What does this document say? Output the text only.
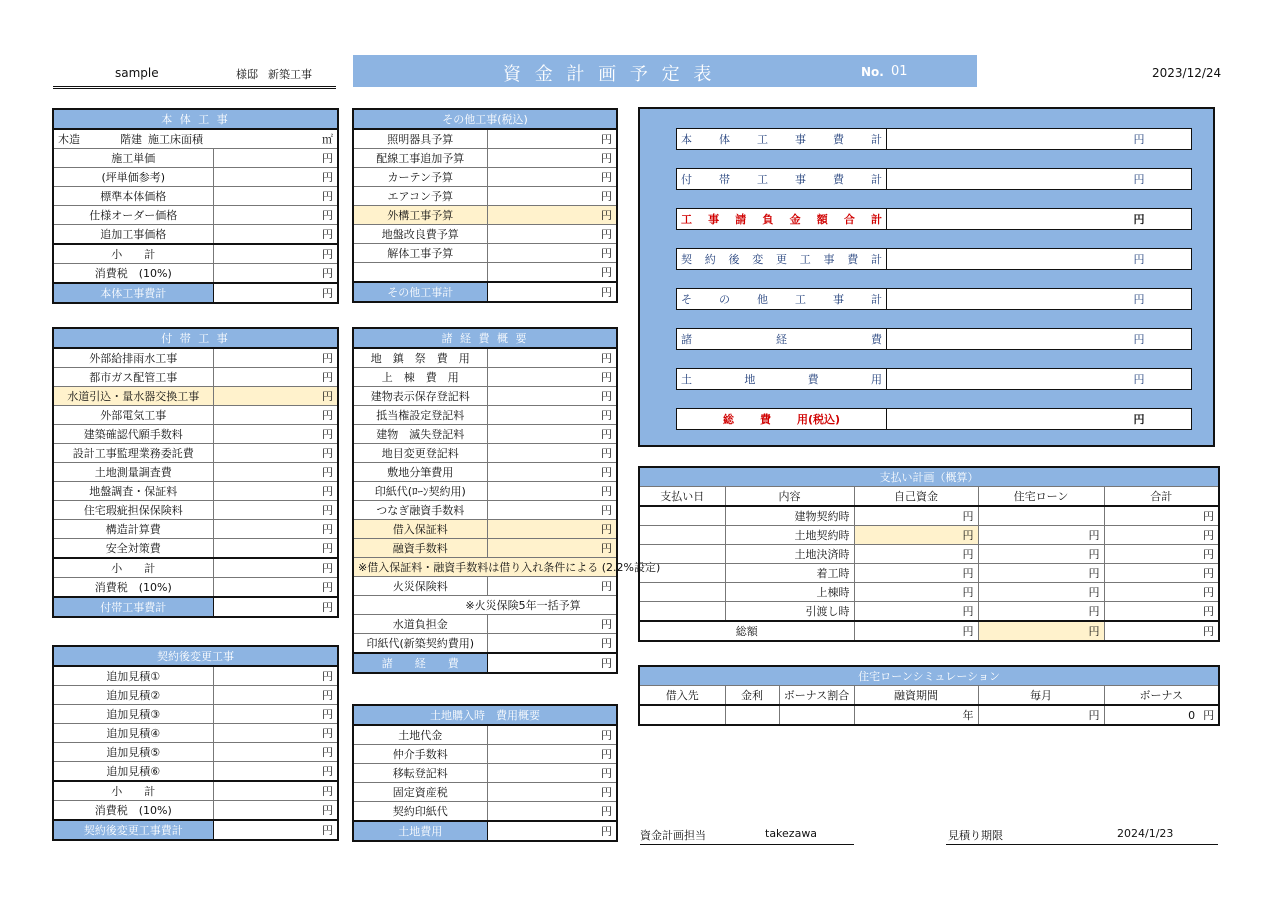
sample	様邸 新築工事	資 金 計 画 予 定 表	No. 01	2023/12/24
本 体 工 事	
木造 階建 施工床面積 ㎡	

施工単価	円
(坪単価参考)	円
標準本体価格	円
仕様オーダー価格	円
追加工事価格	円
小　　計	円
消費税　(10%)	円
本体工事費計	円
その他工事(税込)	
照明器具予算	円
配線工事追加予算	円
カーテン予算	円
エアコン予算	円
外構工事予算	円
地盤改良費予算	円
解体工事予算	円
	円
その他工事計	円
付 帯 工 事	
外部給排雨水工事	円
都市ガス配管工事	円
水道引込・量水器交換工事	円
外部電気工事	円
建築確認代願手数料	円
設計工事監理業務委託費	円
土地測量調査費	円
地盤調査・保証料	円
住宅瑕疵担保保険料	円
構造計算費	円
安全対策費	円
小　　計	円
消費税　(10%)	円
付帯工事費計	円
諸 経 費 概 要	
地　鎮　祭　費　用	円
上　棟　費　用	円
建物表示保存登記料	円
抵当権設定登記料	円
建物　滅失登記料	円
地目変更登記料	円
敷地分筆費用	円
印紙代(ﾛｰﾝ契約用)	円
つなぎ融資手数料	円
借入保証料	円
融資手数料	円
※借入保証料・融資手数料は借り入れ条件による (2.2%設定)	
火災保険料	円
※火災保険5年一括予算	
水道負担金	円
印紙代(新築契約費用)	円
諸　　経　　費	円
契約後変更工事	
追加見積①	円
追加見積②	円
追加見積③	円
追加見積④	円
追加見積⑤	円
追加見積⑥	円
小　　計	円
消費税　(10%)	円
契約後変更工事費計	円
土地購入時　費用概要	
土地代金	円
仲介手数料	円
移転登記料	円
固定資産税	円
契約印紙代	円
土地費用	円
本 体 工 事 費 計	円
付 帯 工 事 費 計	円
工 事 請 負 金 額 合 計	円
契 約 後 変 更 工 事 費 計	円
そ の 他 工 事 計	円
諸	経	費	円
土	地	費	用	円
総 費 用(税込)	円
支払い計画（概算）				
支払い日	内容	自己資金	住宅ローン	合計
	建物契約時	円		円
	土地契約時	円	円	円
	土地決済時	円	円	円
	着工時	円	円	円
	上棟時	円	円	円
	引渡し時	円	円	円
総額		円	円	円
住宅ローンシミュレーション					
借入先	金利	ボーナス割合	融資期間	毎月	ボーナス
			年	円	0 円
資金計画担当	takezawa	見積り期限	2024/1/23
